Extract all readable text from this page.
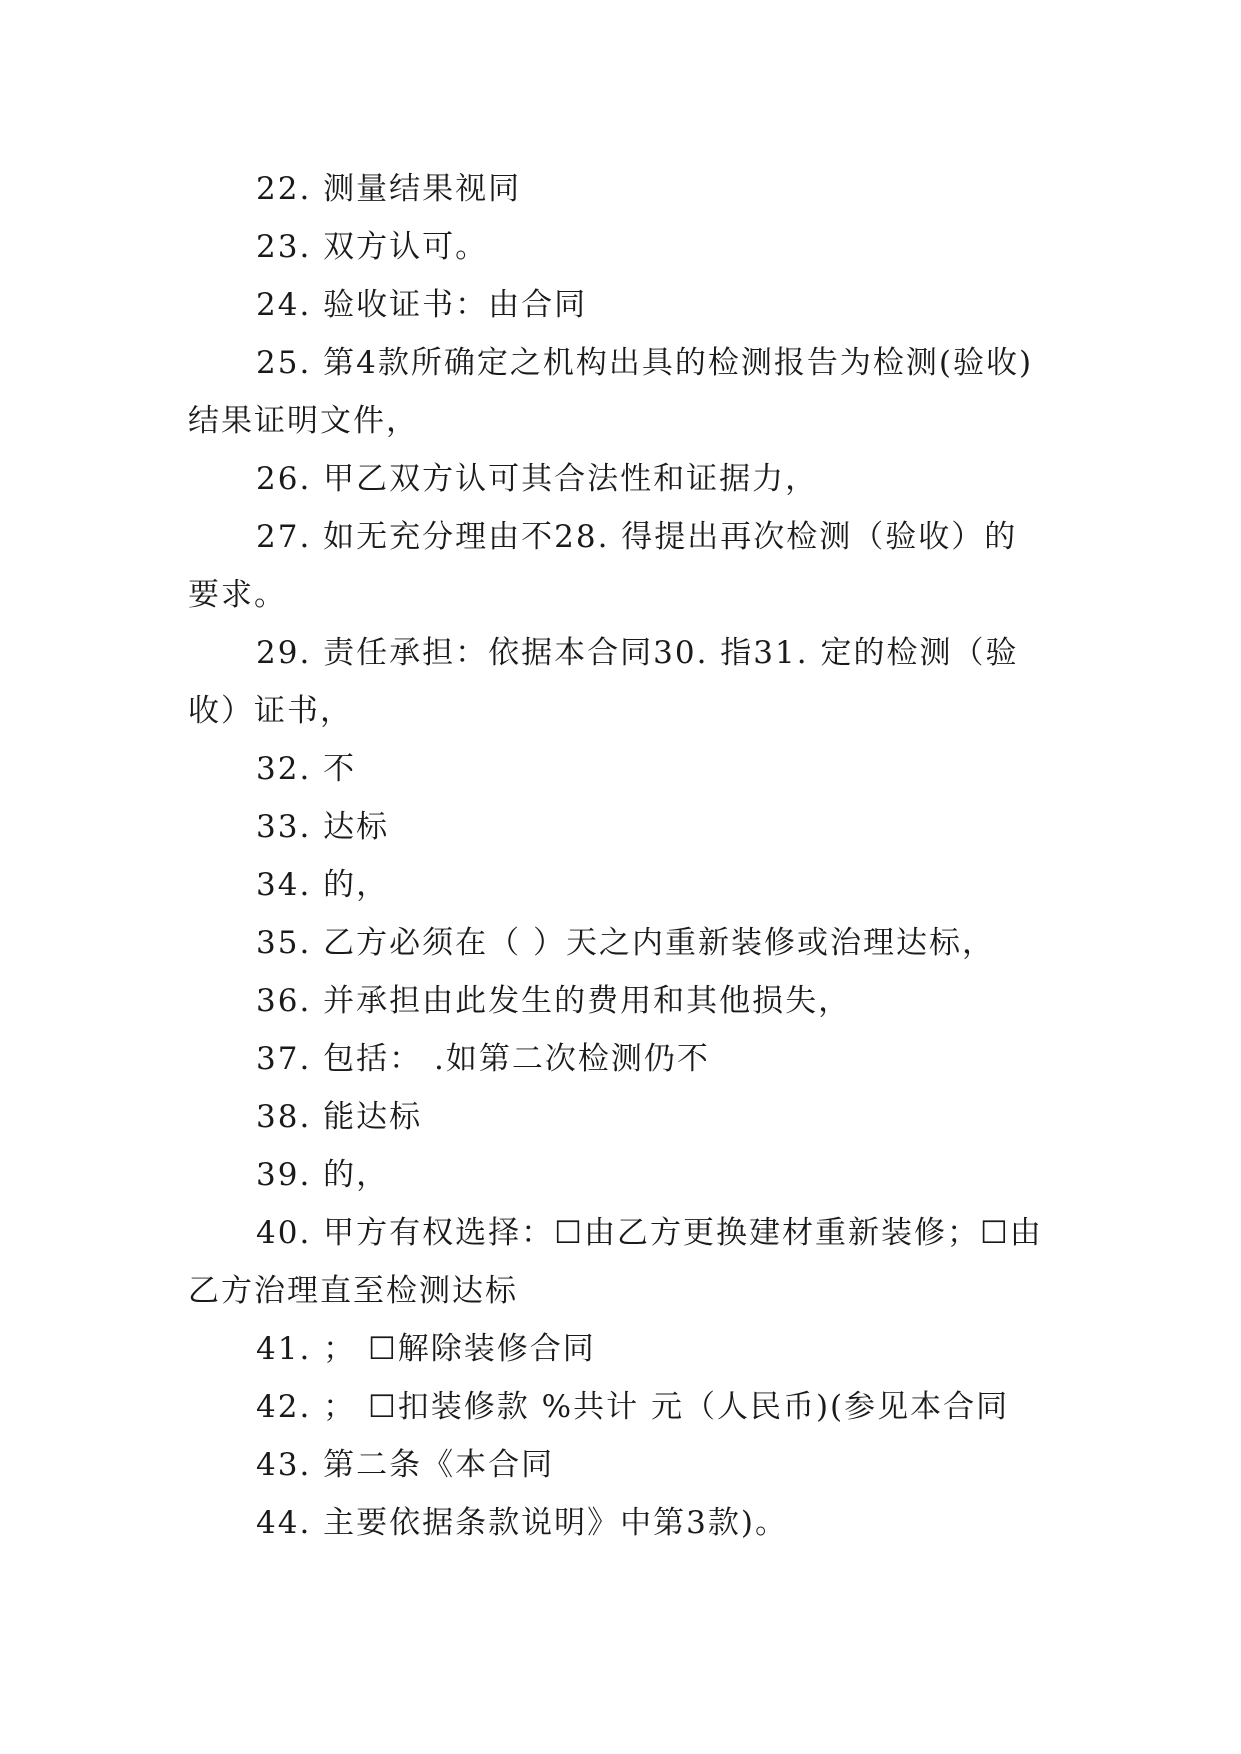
22. 测量结果视同

23. 双方认可。

24. 验收证书：由合同

25. 第4款所确定之机构出具的检测报告为检测(验收)结果证明文件，

26. 甲乙双方认可其合法性和证据力，

27. 如无充分理由不28. 得提出再次检测（验收）的要求。

29. 责任承担：依据本合同30. 指31. 定的检测（验收）证书，

32. 不

33. 达标

34. 的，

35. 乙方必须在（ ）天之内重新装修或治理达标，

36. 并承担由此发生的费用和其他损失，

37. 包括： .如第二次检测仍不

38. 能达标

39. 的，

40. 甲方有权选择：☐由乙方更换建材重新装修；☐由乙方治理直至检测达标

41. ； ☐解除装修合同

42. ； ☐扣装修款 %共计 元（人民币)(参见本合同

43. 第二条《本合同

44. 主要依据条款说明》中第3款)。
